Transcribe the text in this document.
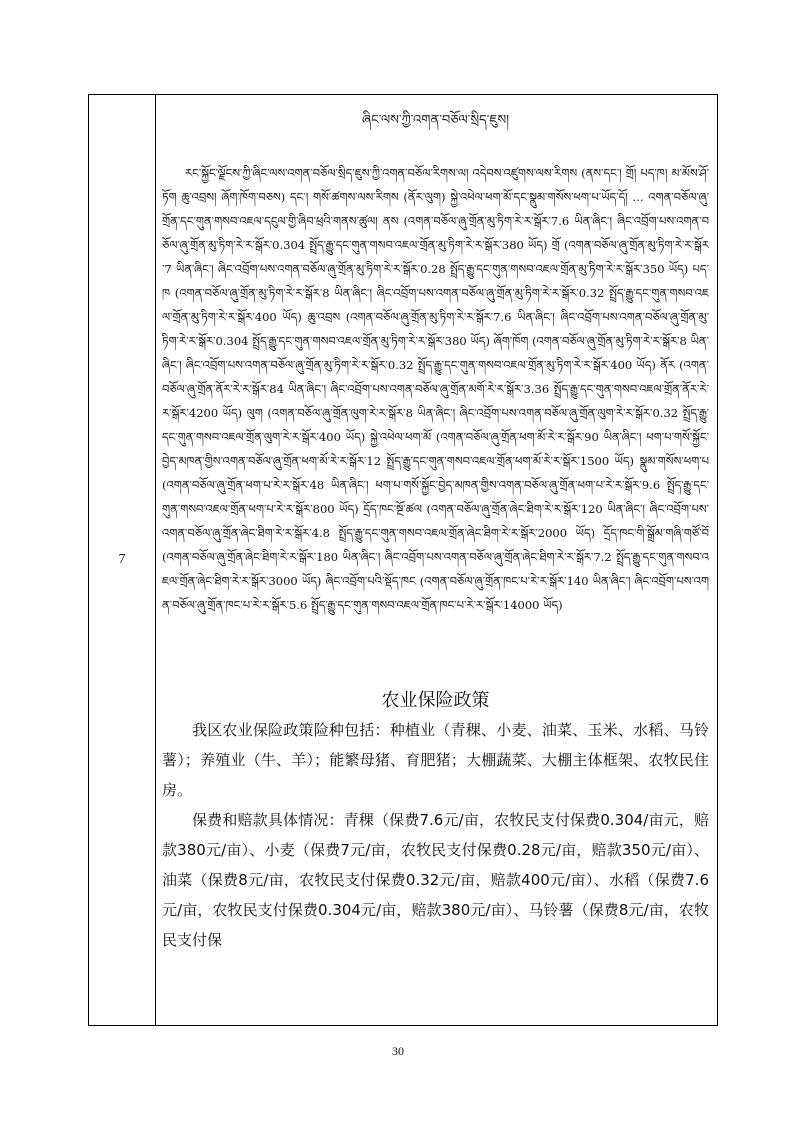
7
ཞིང་ལས་ཀྱི་འགན་བཅོལ་སྲིད་ཇུས།
རང་སྐྱོང་ལྗོངས་ཀྱི་ཞིང་ལས་འགན་བཅོལ་སྲིད་ཇུས་ཀྱི་འགན་བཅོལ་རིགས་ལ། འདེབས་འཛུགས་ལས་རིགས (ནས་དང་། གྲོ། པད་ཁ། མ་མོས་ཤོ་ཏོག ཆུ་འབྲས། ཞོག་ཁོག་བཅས) དང་། གསོ་ཚགས་ལས་རིགས (ནོར་ལུག) སྐྱེ་འཕེལ་ཕག་མོ་དང་སྣུམ་གསོས་ཕག་པ་ཡོད་དོ། ... འགན་བཅོལ་ཞུ་གྲོན་དང་གུན་གསབ་འཇལ་དངུལ་གྱི་ཞིབ་ཕྲའི་གནས་ཚུལ། ནས (འགན་བཅོལ་ཞུ་གྲོན་མུ་ཏིག་རེ་ར་སྒོར་7.6 ཡིན་ཞིང་། ཞིང་འབྲོག་པས་འགན་བཅོལ་ཞུ་གྲོན་མུ་ཏིག་རེ་ར་སྒོར་0.304 སྤྲོད་རྒྱུ་དང་གུན་གསབ་འཇལ་གྲོན་མུ་ཏིག་རེ་ར་སྒོར་380 ཡོད) གྲོ (འགན་བཅོལ་ཞུ་གྲོན་མུ་ཏིག་རེ་ར་སྒོར་7 ཡིན་ཞིང་། ཞིང་འབྲོག་པས་འགན་བཅོལ་ཞུ་གྲོན་མུ་ཏིག་རེ་ར་སྒོར་0.28 སྤྲོད་རྒྱུ་དང་གུན་གསབ་འཇལ་གྲོན་མུ་ཏིག་རེ་ར་སྒོར་350 ཡོད) པད་ཁ (འགན་བཅོལ་ཞུ་གྲོན་མུ་ཏིག་རེ་ར་སྒོར་8 ཡིན་ཞིང་། ཞིང་འབྲོག་པས་འགན་བཅོལ་ཞུ་གྲོན་མུ་ཏིག་རེ་ར་སྒོར་0.32 སྤྲོད་རྒྱུ་དང་གུན་གསབ་འཇལ་གྲོན་མུ་ཏིག་རེ་ར་སྒོར་400 ཡོད) ཆུ་འབྲས (འགན་བཅོལ་ཞུ་གྲོན་མུ་ཏིག་རེ་ར་སྒོར་7.6 ཡིན་ཞིང་། ཞིང་འབྲོག་པས་འགན་བཅོལ་ཞུ་གྲོན་མུ་ཏིག་རེ་ར་སྒོར་0.304 སྤྲོད་རྒྱུ་དང་གུན་གསབ་འཇལ་གྲོན་མུ་ཏིག་རེ་ར་སྒོར་380 ཡོད) ཞོག་ཁོག (འགན་བཅོལ་ཞུ་གྲོན་མུ་ཏིག་རེ་ར་སྒོར་8 ཡིན་ཞིང་། ཞིང་འབྲོག་པས་འགན་བཅོལ་ཞུ་གྲོན་མུ་ཏིག་རེ་ར་སྒོར་0.32 སྤྲོད་རྒྱུ་དང་གུན་གསབ་འཇལ་གྲོན་མུ་ཏིག་རེ་ར་སྒོར་400 ཡོད) ནོར (འགན་བཅོལ་ཞུ་གྲོན་ནོར་རེ་ར་སྒོར་84 ཡིན་ཞིང་། ཞིང་འབྲོག་པས་འགན་བཅོལ་ཞུ་གྲོན་མགོ་རེ་ར་སྒོར་3.36 སྤྲོད་རྒྱུ་དང་གུན་གསབ་འཇལ་གྲོན་ནོར་རེ་ར་སྒོར་4200 ཡོད) ལུག (འགན་བཅོལ་ཞུ་གྲོན་ལུག་རེ་ར་སྒོར་8 ཡིན་ཞིང་། ཞིང་འབྲོག་པས་འགན་བཅོལ་ཞུ་གྲོན་ལུག་རེ་ར་སྒོར་0.32 སྤྲོད་རྒྱུ་དང་གུན་གསབ་འཇལ་གྲོན་ལུག་རེ་ར་སྒོར་400 ཡོད) སྐྱེ་འཕེལ་ཕག་མོ (འགན་བཅོལ་ཞུ་གྲོན་ཕག་མོ་རེ་ར་སྒོར་90 ཡིན་ཞིང་། ཕག་པ་གསོ་སྐྱོང་བྱེད་མཁན་གྱིས་འགན་བཅོལ་ཞུ་གྲོན་ཕག་མོ་རེ་ར་སྒོར་12 སྤྲོད་རྒྱུ་དང་གུན་གསབ་འཇལ་གྲོན་ཕག་མོ་རེ་ར་སྒོར་1500 ཡོད) སྣུམ་གསོས་ཕག་པ (འགན་བཅོལ་ཞུ་གྲོན་ཕག་པ་རེ་ར་སྒོར་48 ཡིན་ཞིང་། ཕག་པ་གསོ་སྐྱོང་བྱེད་མཁན་གྱིས་འགན་བཅོལ་ཞུ་གྲོན་ཕག་པ་རེ་ར་སྒོར་9.6 སྤྲོད་རྒྱུ་དང་གུན་གསབ་འཇལ་གྲོན་ཕག་པ་རེ་ར་སྒོར་800 ཡོད) དྲོད་ཁང་སྔོ་ཚལ (འགན་བཅོལ་ཞུ་གྲོན་ཞེང་ཐིག་རེ་ར་སྒོར་120 ཡིན་ཞིང་། ཞིང་འབྲོག་པས་འགན་བཅོལ་ཞུ་གྲོན་ཞེང་ཐིག་རེ་ར་སྒོར་4.8 སྤྲོད་རྒྱུ་དང་གུན་གསབ་འཇལ་གྲོན་ཞེང་ཐིག་རེ་ར་སྒོར་2000 ཡོད) དྲོད་ཁང་གི་སྒྲོམ་གཞི་གཙོ་བོ (འགན་བཅོལ་ཞུ་གྲོན་ཞེང་ཐིག་རེ་ར་སྒོར་180 ཡིན་ཞིང་། ཞིང་འབྲོག་པས་འགན་བཅོལ་ཞུ་གྲོན་ཞེང་ཐིག་རེ་ར་སྒོར་7.2 སྤྲོད་རྒྱུ་དང་གུན་གསབ་འཇལ་གྲོན་ཞེང་ཐིག་རེ་ར་སྒོར་3000 ཡོད) ཞིང་འབྲོག་པའི་སྡོད་ཁང (འགན་བཅོལ་ཞུ་གྲོན་ཁང་པ་རེ་ར་སྒོར་140 ཡིན་ཞིང་། ཞིང་འབྲོག་པས་འགན་བཅོལ་ཞུ་གྲོན་ཁང་པ་རེ་ར་སྒོར་5.6 སྤྲོད་རྒྱུ་དང་གུན་གསབ་འཇལ་གྲོན་ཁང་པ་རེ་ར་སྒོར་14000 ཡོད)
农业保险政策

我区农业保险政策险种包括：种植业（青稞、小麦、油菜、玉米、水稻、马铃薯）；养殖业（牛、羊）；能繁母猪、育肥猪；大棚蔬菜、大棚主体框架、农牧民住房。

保费和赔款具体情况：青稞（保费7.6元/亩，农牧民支付保费0.304/亩元，赔款380元/亩）、小麦（保费7元/亩，农牧民支付保费0.28元/亩，赔款350元/亩）、油菜（保费8元/亩，农牧民支付保费0.32元/亩，赔款400元/亩）、水稻（保费7.6元/亩，农牧民支付保费0.304元/亩，赔款380元/亩）、马铃薯（保费8元/亩，农牧民支付保

30
